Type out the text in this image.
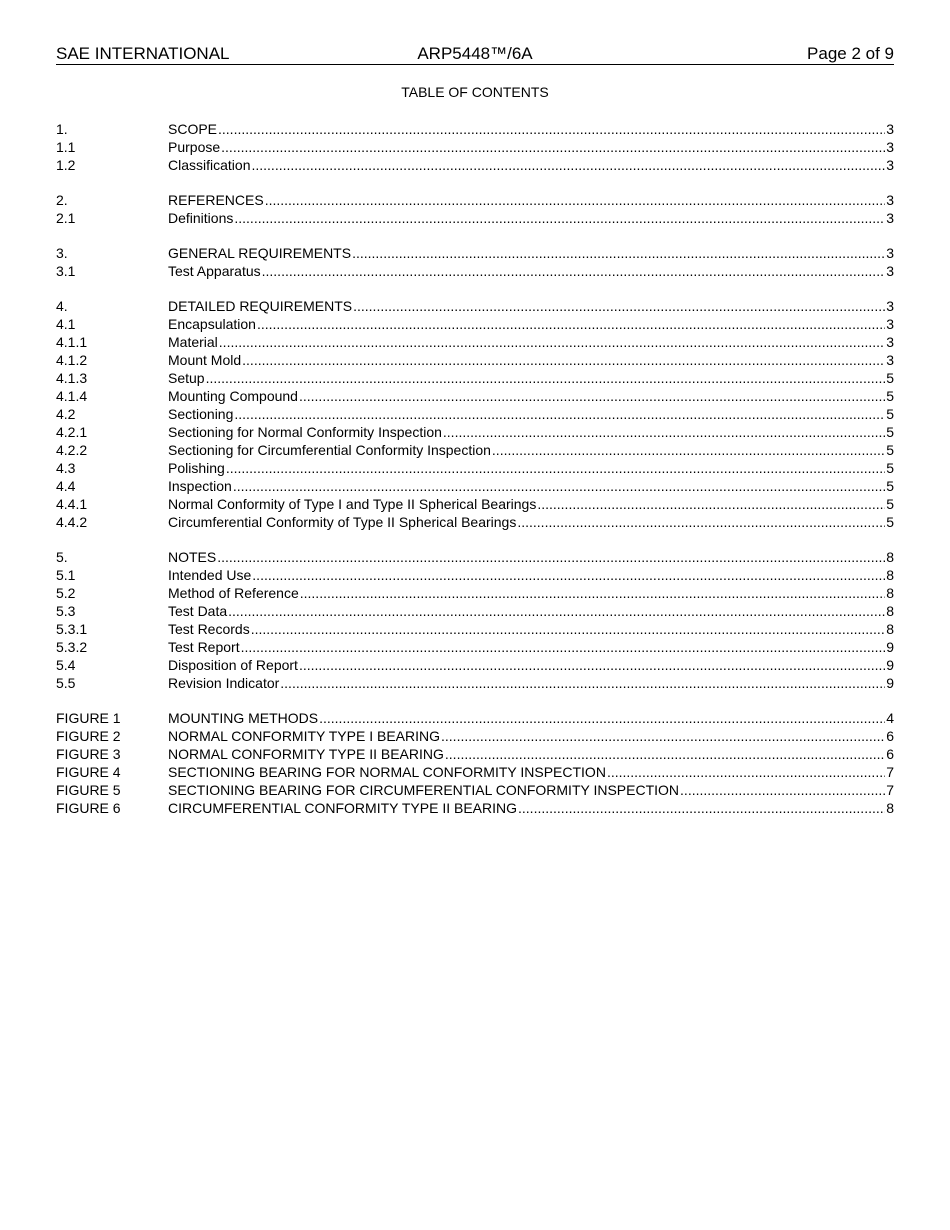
SAE INTERNATIONAL	ARP5448™/6A	Page 2 of 9
TABLE OF CONTENTS
1.	SCOPE .....	3
1.1	Purpose .....	3
1.2	Classification .....	3
2.	REFERENCES .....	3
2.1	Definitions .....	3
3.	GENERAL REQUIREMENTS .....	3
3.1	Test Apparatus .....	3
4.	DETAILED REQUIREMENTS .....	3
4.1	Encapsulation .....	3
4.1.1	Material .....	3
4.1.2	Mount Mold .....	3
4.1.3	Setup .....	5
4.1.4	Mounting Compound .....	5
4.2	Sectioning .....	5
4.2.1	Sectioning for Normal Conformity Inspection .....	5
4.2.2	Sectioning for Circumferential Conformity Inspection .....	5
4.3	Polishing .....	5
4.4	Inspection .....	5
4.4.1	Normal Conformity of Type I and Type II Spherical Bearings .....	5
4.4.2	Circumferential Conformity of Type II Spherical Bearings .....	5
5.	NOTES .....	8
5.1	Intended Use .....	8
5.2	Method of Reference .....	8
5.3	Test Data .....	8
5.3.1	Test Records .....	8
5.3.2	Test Report .....	9
5.4	Disposition of Report .....	9
5.5	Revision Indicator .....	9
FIGURE 1	MOUNTING METHODS .....	4
FIGURE 2	NORMAL CONFORMITY TYPE I BEARING .....	6
FIGURE 3	NORMAL CONFORMITY TYPE II BEARING .....	6
FIGURE 4	SECTIONING BEARING FOR NORMAL CONFORMITY INSPECTION .....	7
FIGURE 5	SECTIONING BEARING FOR CIRCUMFERENTIAL CONFORMITY INSPECTION .....	7
FIGURE 6	CIRCUMFERENTIAL CONFORMITY TYPE II BEARING .....	8
